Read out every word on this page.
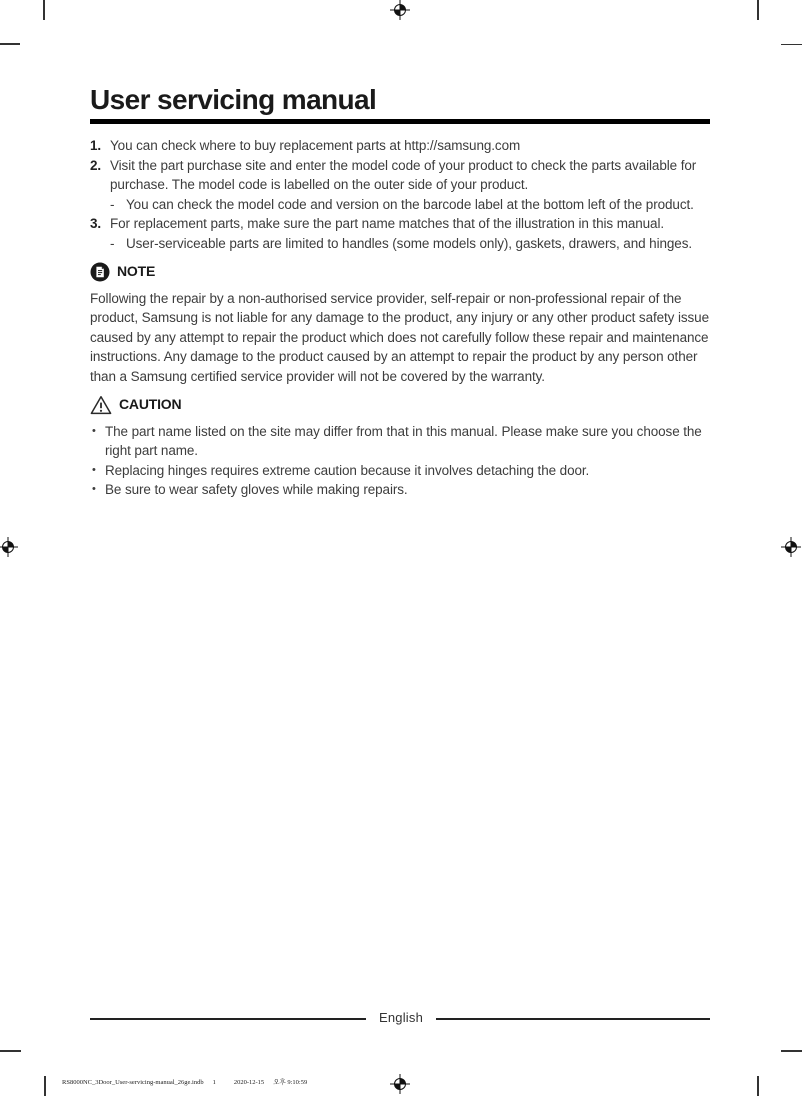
User servicing manual
1. You can check where to buy replacement parts at http://samsung.com
2. Visit the part purchase site and enter the model code of your product to check the parts available for purchase. The model code is labelled on the outer side of your product.
-
You can check the model code and version on the barcode label at the bottom left of the product.
3. For replacement parts, make sure the part name matches that of the illustration in this manual.
-
User-serviceable parts are limited to handles (some models only), gaskets, drawers, and hinges.
NOTE
Following the repair by a non-authorised service provider, self-repair or non-professional repair of the product, Samsung is not liable for any damage to the product, any injury or any other product safety issue caused by any attempt to repair the product which does not carefully follow these repair and maintenance instructions. Any damage to the product caused by an attempt to repair the product by any person other than a Samsung certified service provider will not be covered by the warranty.
CAUTION
•
The part name listed on the site may differ from that in this manual. Please make sure you choose the right part name.
•
Replacing hinges requires extreme caution because it involves detaching the door.
•
Be sure to wear safety gloves while making repairs.
English
RS8000NC_3Door_User-servicing-manual_26ge.indb 1	2020-12-15 오후 9:10:59
